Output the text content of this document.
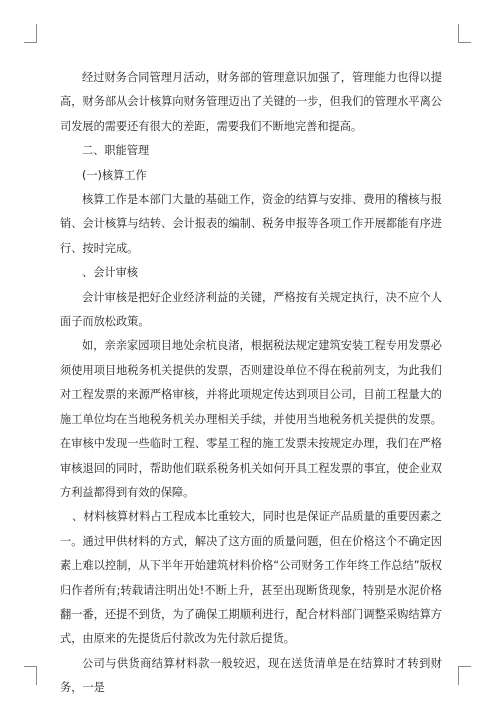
经过财务合同管理月活动，财务部的管理意识加强了，管理能力也得以提高，财务部从会计核算向财务管理迈出了关键的一步，但我们的管理水平离公司发展的需要还有很大的差距，需要我们不断地完善和提高。

二、职能管理

(一)核算工作

核算工作是本部门大量的基础工作，资金的结算与安排、费用的稽核与报销、会计核算与结转、会计报表的编制、税务申报等各项工作开展都能有序进行、按时完成。

、会计审核

会计审核是把好企业经济利益的关键，严格按有关规定执行，决不应个人面子而放松政策。

如，亲亲家园项目地处余杭良渚，根据税法规定建筑安装工程专用发票必须使用项目地税务机关提供的发票，否则建设单位不得在税前列支，为此我们对工程发票的来源严格审核，并将此项规定传达到项目公司，目前工程量大的施工单位均在当地税务机关办理相关手续，并使用当地税务机关提供的发票。在审核中发现一些临时工程、零星工程的施工发票未按规定办理，我们在严格审核退回的同时，帮助他们联系税务机关如何开具工程发票的事宜，使企业双方利益都得到有效的保障。

、材料核算材料占工程成本比重较大，同时也是保证产品质量的重要因素之一。通过甲供材料的方式，解决了这方面的质量问题，但在价格这个不确定因素上难以控制，从下半年开始建筑材料价格“公司财务工作年终工作总结”版权归作者所有;转载请注明出处!不断上升，甚至出现断货现象，特别是水泥价格翻一番，还提不到货，为了确保工期顺利进行，配合材料部门调整采购结算方式，由原来的先提货后付款改为先付款后提货。

公司与供货商结算材料款一般较迟，现在送货清单是在结算时才转到财务，一是
